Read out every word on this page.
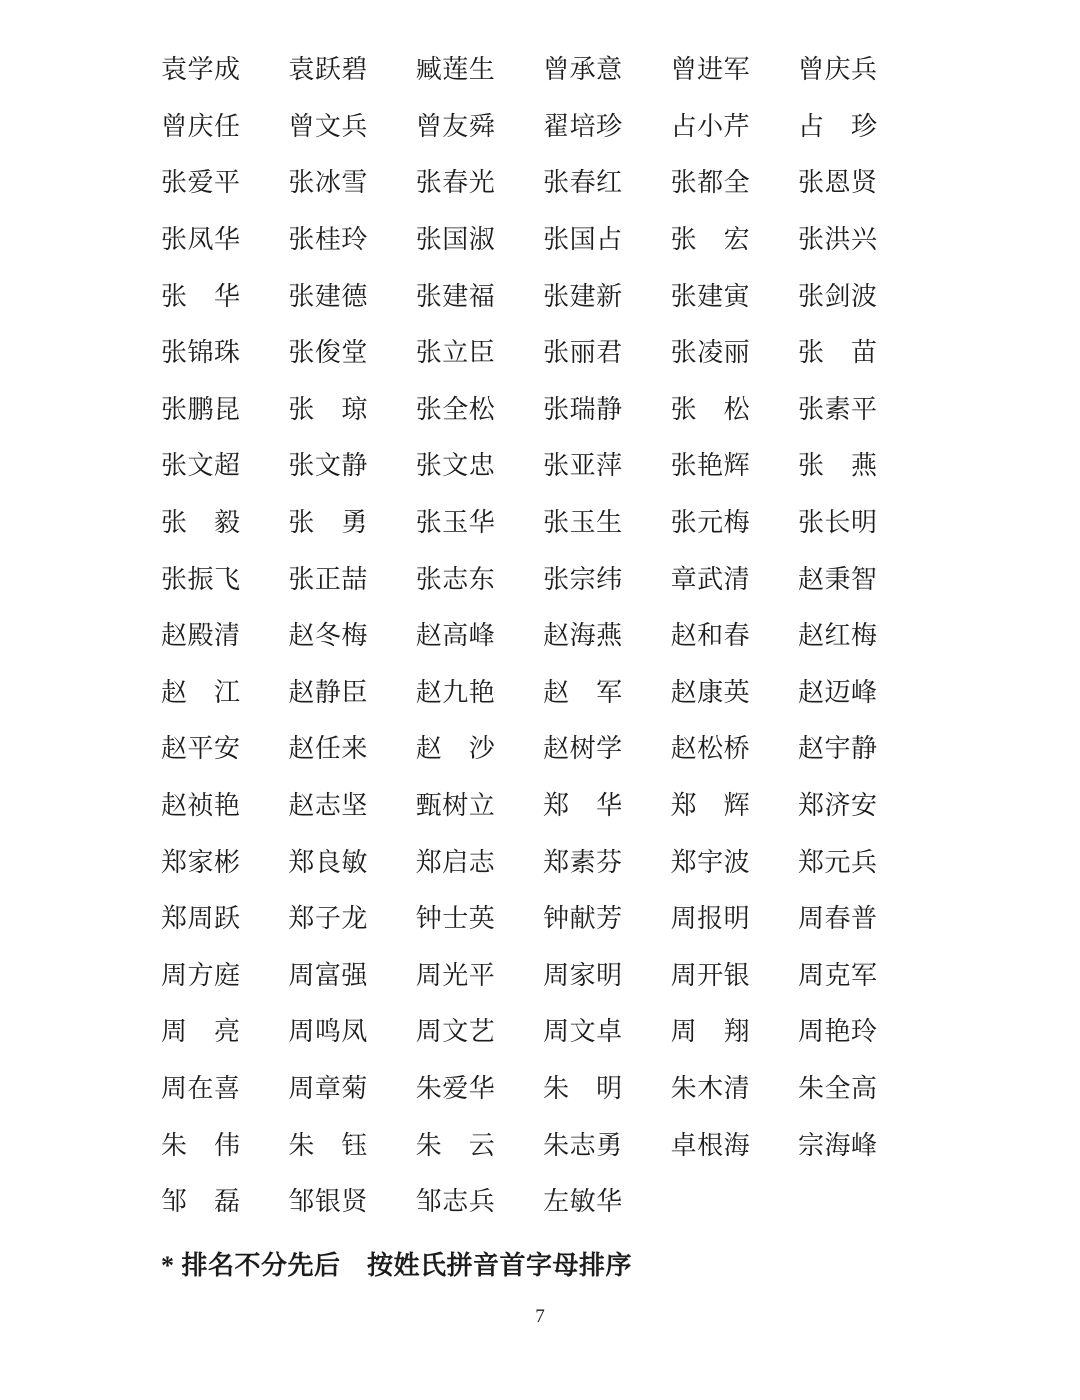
袁学成	袁跃碧	臧莲生	曾承意	曾进军	曾庆兵
曾庆任	曾文兵	曾友舜	翟培珍	占小芹	占　珍
张爱平	张冰雪	张春光	张春红	张都全	张恩贤
张凤华	张桂玲	张国淑	张国占	张　宏	张洪兴
张　华	张建德	张建福	张建新	张建寅	张剑波
张锦珠	张俊堂	张立臣	张丽君	张凌丽	张　苗
张鹏昆	张　琼	张全松	张瑞静	张　松	张素平
张文超	张文静	张文忠	张亚萍	张艳辉	张　燕
张　毅	张　勇	张玉华	张玉生	张元梅	张长明
张振飞	张正喆	张志东	张宗纬	章武清	赵秉智
赵殿清	赵冬梅	赵高峰	赵海燕	赵和春	赵红梅
赵　江	赵静臣	赵九艳	赵　军	赵康英	赵迈峰
赵平安	赵任来	赵　沙	赵树学	赵松桥	赵宇静
赵祯艳	赵志坚	甄树立	郑　华	郑　辉	郑济安
郑家彬	郑良敏	郑启志	郑素芬	郑宇波	郑元兵
郑周跃	郑子龙	钟士英	钟献芳	周报明	周春普
周方庭	周富强	周光平	周家明	周开银	周克军
周　亮	周鸣凤	周文艺	周文卓	周　翔	周艳玲
周在喜	周章菊	朱爱华	朱　明	朱木清	朱全高
朱　伟	朱　钰	朱　云	朱志勇	卓根海	宗海峰
邹　磊	邹银贤	邹志兵	左敏华
* 排名不分先后　按姓氏拼音首字母排序
7
